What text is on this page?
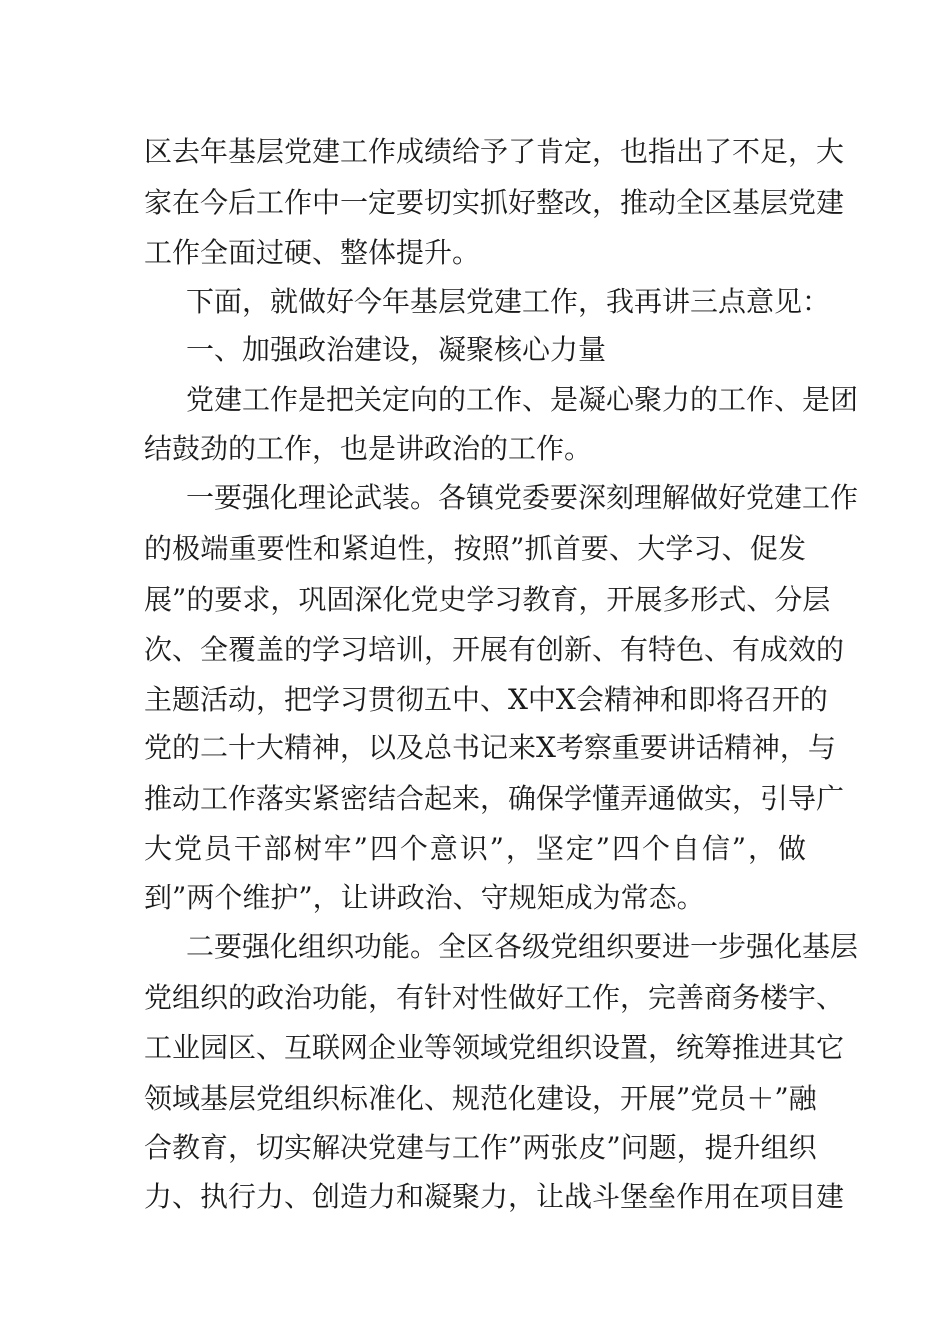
区去年基层党建工作成绩给予了肯定，也指出了不足，大
家在今后工作中一定要切实抓好整改，推动全区基层党建
工作全面过硬、整体提升。
下面，就做好今年基层党建工作，我再讲三点意见：
一、加强政治建设，凝聚核心力量
党建工作是把关定向的工作、是凝心聚力的工作、是团
结鼓劲的工作，也是讲政治的工作。
一要强化理论武装。各镇党委要深刻理解做好党建工作
的极端重要性和紧迫性，按照”抓首要、大学习、促发
展”的要求，巩固深化党史学习教育，开展多形式、分层
次、全覆盖的学习培训，开展有创新、有特色、有成效的
主题活动，把学习贯彻五中、X中X会精神和即将召开的
党的二十大精神，以及总书记来X考察重要讲话精神，与
推动工作落实紧密结合起来，确保学懂弄通做实，引导广
大党员干部树牢”四个意识”，坚定”四个自信”，做
到”两个维护”，让讲政治、守规矩成为常态。
二要强化组织功能。全区各级党组织要进一步强化基层
党组织的政治功能，有针对性做好工作，完善商务楼宇、
工业园区、互联网企业等领域党组织设置，统筹推进其它
领域基层党组织标准化、规范化建设，开展”党员＋”融
合教育，切实解决党建与工作”两张皮”问题，提升组织
力、执行力、创造力和凝聚力，让战斗堡垒作用在项目建
